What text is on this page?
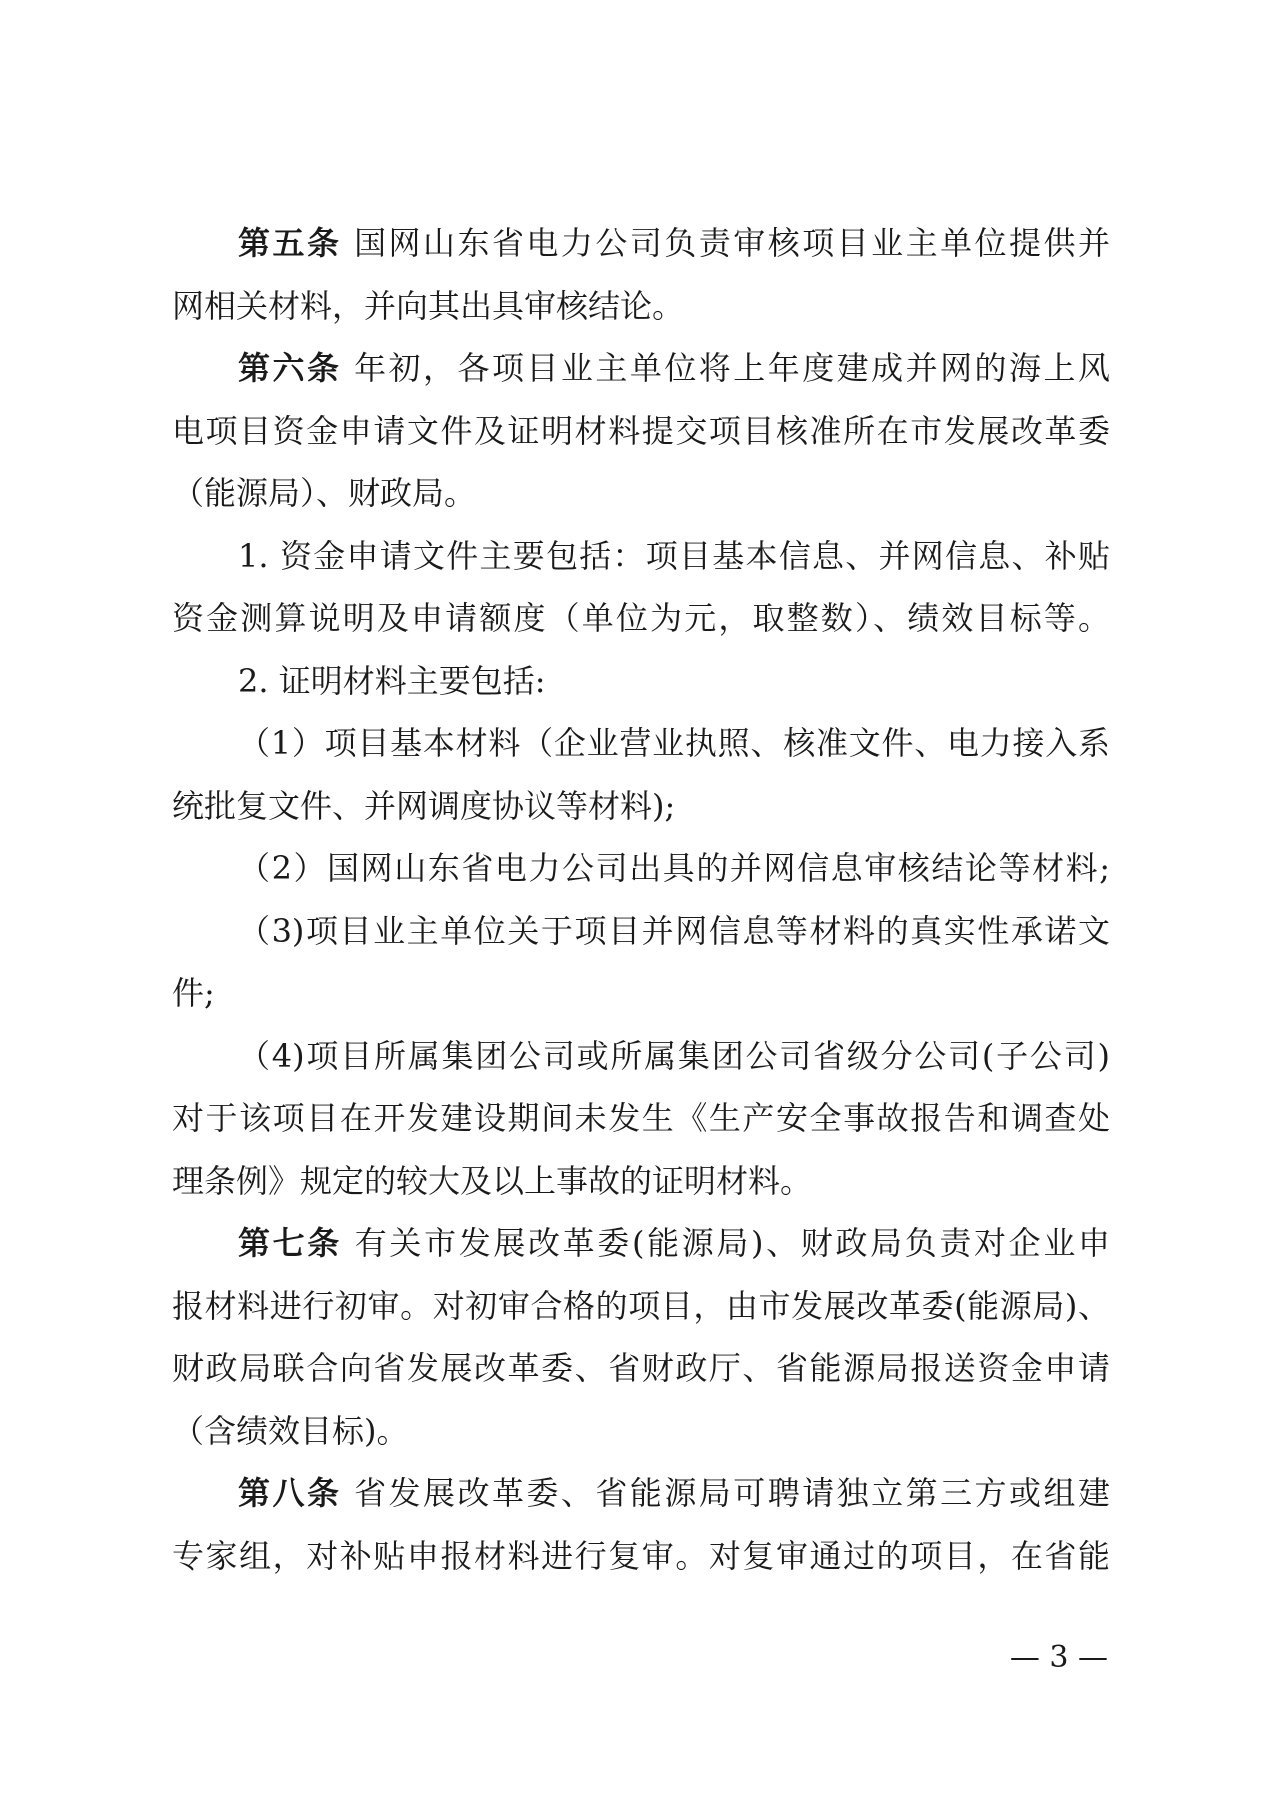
第五条 国网山东省电力公司负责审核项目业主单位提供并
网相关材料，并向其出具审核结论。
第六条 年初，各项目业主单位将上年度建成并网的海上风
电项目资金申请文件及证明材料提交项目核准所在市发展改革委
（能源局）、财政局。
1. 资金申请文件主要包括：项目基本信息、并网信息、补贴
资金测算说明及申请额度（单位为元，取整数）、绩效目标等。
2. 证明材料主要包括:
（1）项目基本材料（企业营业执照、核准文件、电力接入系
统批复文件、并网调度协议等材料);
（2）国网山东省电力公司出具的并网信息审核结论等材料;
（3)项目业主单位关于项目并网信息等材料的真实性承诺文
件;
（4)项目所属集团公司或所属集团公司省级分公司(子公司)
对于该项目在开发建设期间未发生《生产安全事故报告和调查处
理条例》规定的较大及以上事故的证明材料。
第七条 有关市发展改革委(能源局)、财政局负责对企业申
报材料进行初审。对初审合格的项目，由市发展改革委(能源局)、
财政局联合向省发展改革委、省财政厅、省能源局报送资金申请
（含绩效目标)。
第八条 省发展改革委、省能源局可聘请独立第三方或组建
专家组，对补贴申报材料进行复审。对复审通过的项目，在省能
— 3 —
